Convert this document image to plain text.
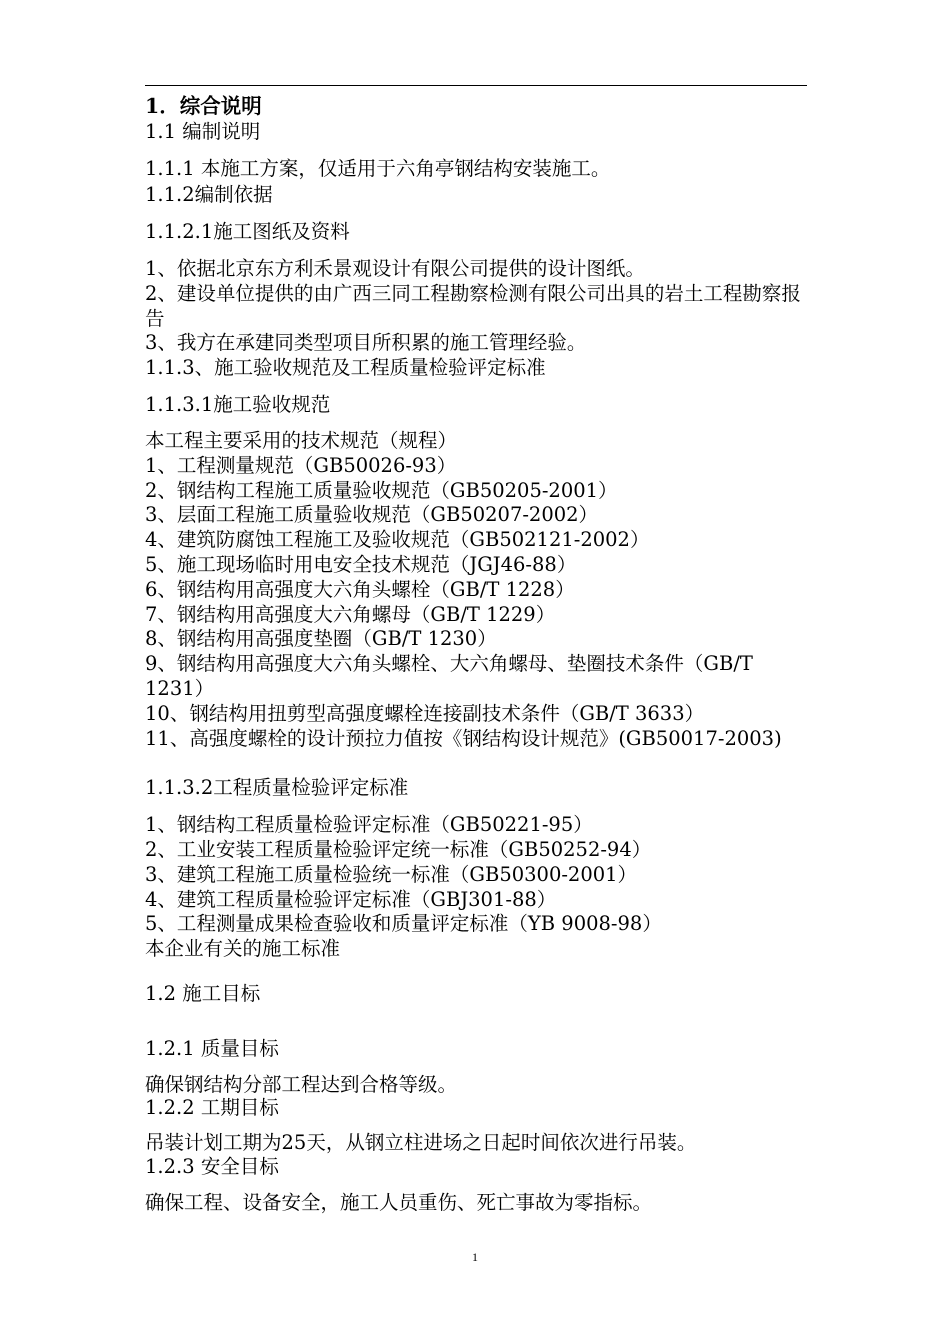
1．综合说明
1.1 编制说明
1.1.1 本施工方案，仅适用于六角亭钢结构安装施工。
1.1.2编制依据
1.1.2.1施工图纸及资料
1、依据北京东方利禾景观设计有限公司提供的设计图纸。
2、建设单位提供的由广西三同工程勘察检测有限公司出具的岩土工程勘察报告
3、我方在承建同类型项目所积累的施工管理经验。
1.1.3、施工验收规范及工程质量检验评定标准
1.1.3.1施工验收规范
本工程主要采用的技术规范（规程）
1、工程测量规范（GB50026-93）
2、钢结构工程施工质量验收规范（GB50205-2001）
3、层面工程施工质量验收规范（GB50207-2002）
4、建筑防腐蚀工程施工及验收规范（GB502121-2002）
5、施工现场临时用电安全技术规范（JGJ46-88）
6、钢结构用高强度大六角头螺栓（GB/T 1228）
7、钢结构用高强度大六角螺母（GB/T 1229）
8、钢结构用高强度垫圈（GB/T 1230）
9、钢结构用高强度大六角头螺栓、大六角螺母、垫圈技术条件（GB/T 1231）
10、钢结构用扭剪型高强度螺栓连接副技术条件（GB/T 3633）
11、高强度螺栓的设计预拉力值按《钢结构设计规范》(GB50017-2003)
1.1.3.2工程质量检验评定标准
1、钢结构工程质量检验评定标准（GB50221-95）
2、工业安装工程质量检验评定统一标准（GB50252-94）
3、建筑工程施工质量检验统一标准（GB50300-2001）
4、建筑工程质量检验评定标准（GBJ301-88）
5、工程测量成果检查验收和质量评定标准（YB 9008-98）
本企业有关的施工标准
1.2 施工目标
1.2.1 质量目标
确保钢结构分部工程达到合格等级。
1.2.2 工期目标
吊装计划工期为25天，从钢立柱进场之日起时间依次进行吊装。
1.2.3 安全目标
确保工程、设备安全，施工人员重伤、死亡事故为零指标。
1
